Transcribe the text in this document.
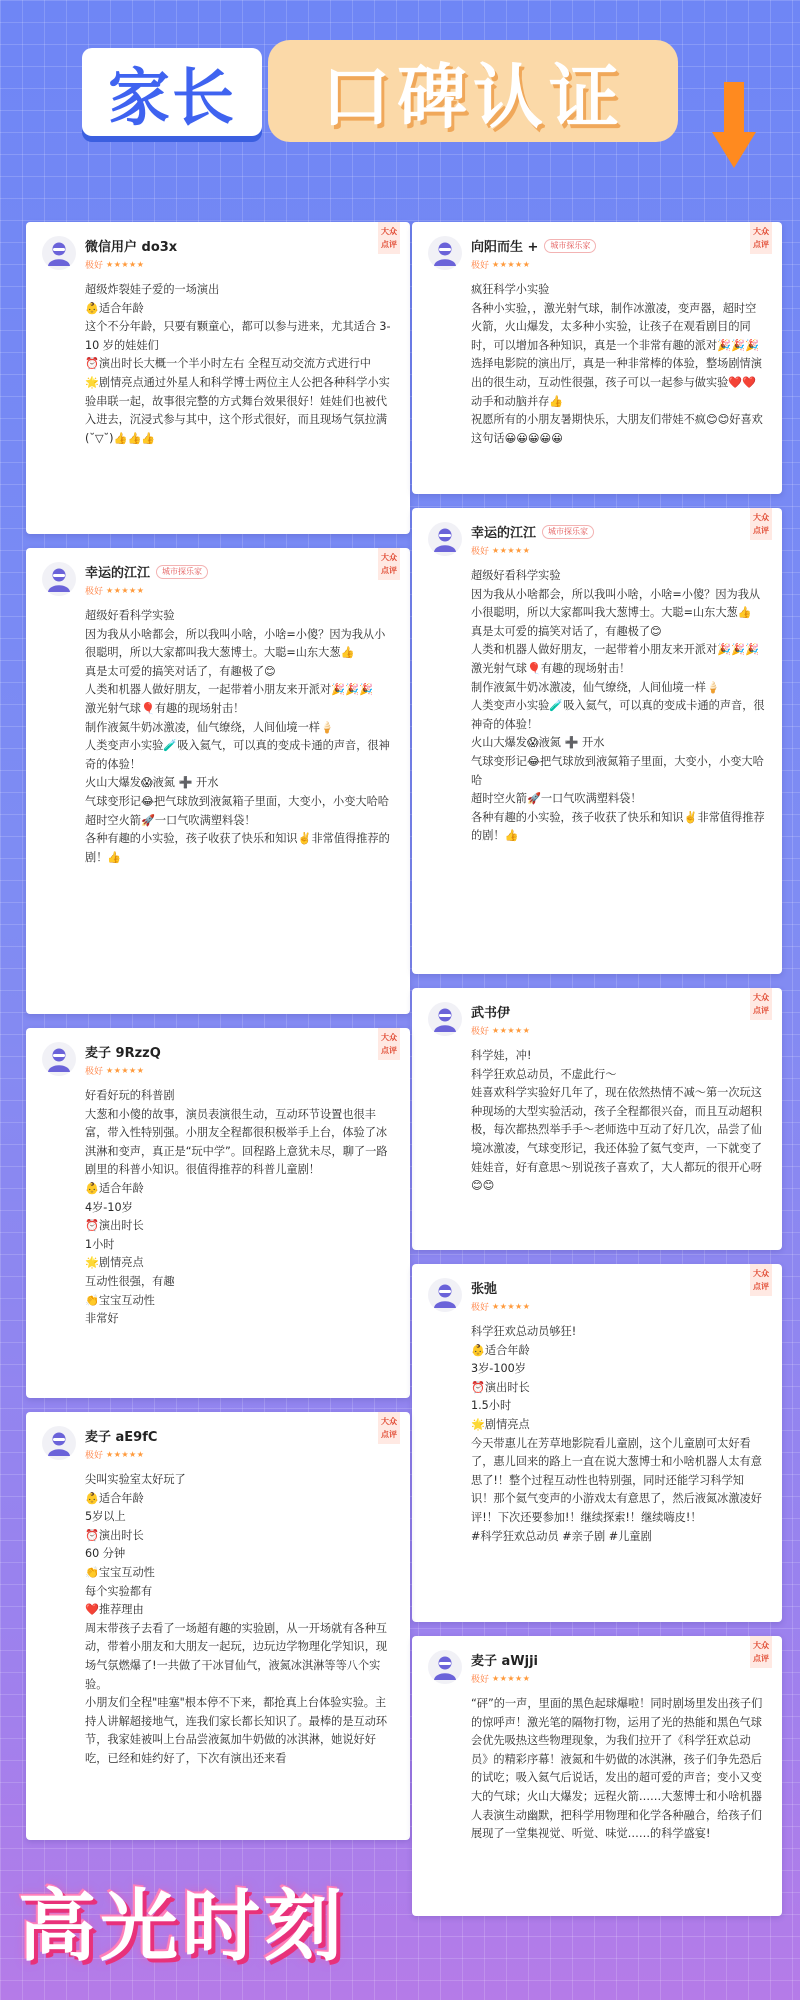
家长	口碑认证
大众
点评
微信用户 do3x
极好 ★★★★★
超级炸裂娃子爱的一场演出
👶适合年龄
这个不分年龄，只要有颗童心，都可以参与进来，尤其适合 3-10 岁的娃娃们
⏰演出时长大概一个半小时左右 全程互动交流方式进行中
🌟剧情亮点通过外星人和科学博士两位主人公把各种科学小实验串联一起，故事很完整的方式舞台效果很好！娃娃们也被代入进去，沉浸式参与其中，这个形式很好，而且现场气氛拉满 (˘▽˘)👍👍👍
大众
点评
向阳而生 +	城市探乐家
极好 ★★★★★
疯狂科学小实验
各种小实验，，激光射气球，制作冰激凌，变声器，超时空火箭，火山爆发，太多种小实验，让孩子在观看剧目的同时，可以增加各种知识，真是一个非常有趣的派对🎉🎉🎉
选择电影院的演出厅，真是一种非常棒的体验，整场剧情演出的很生动，互动性很强，孩子可以一起参与做实验❤️❤️动手和动脑并存👍
祝愿所有的小朋友暑期快乐，大朋友们带娃不疯😊😊好喜欢这句话😀😀😀😀😀
大众
点评
幸运的江江	城市探乐家
极好 ★★★★★
超级好看科学实验
因为我从小啥都会，所以我叫小啥，小啥=小傻？因为我从小很聪明，所以大家都叫我大葱博士。大聪=山东大葱👍
真是太可爱的搞笑对话了，有趣极了😊
人类和机器人做好朋友，一起带着小朋友来开派对🎉🎉🎉
激光射气球🎈有趣的现场射击！
制作液氮牛奶冰激凌，仙气缭绕，人间仙境一样🍦
人类变声小实验🧪吸入氦气，可以真的变成卡通的声音，很神奇的体验！
火山大爆发😱液氮 ➕ 开水
气球变形记😂把气球放到液氮箱子里面，大变小，小变大哈哈
超时空火箭🚀一口气吹满塑料袋！
各种有趣的小实验，孩子收获了快乐和知识✌️非常值得推荐的剧！👍
大众
点评
幸运的江江	城市探乐家
极好 ★★★★★
超级好看科学实验
因为我从小啥都会，所以我叫小啥，小啥=小傻？因为我从小很聪明，所以大家都叫我大葱博士。大聪=山东大葱👍
真是太可爱的搞笑对话了，有趣极了😊
人类和机器人做好朋友，一起带着小朋友来开派对🎉🎉🎉
激光射气球🎈有趣的现场射击！
制作液氮牛奶冰激凌，仙气缭绕，人间仙境一样🍦
人类变声小实验🧪吸入氦气，可以真的变成卡通的声音，很神奇的体验！
火山大爆发😱液氮 ➕ 开水
气球变形记😂把气球放到液氮箱子里面，大变小，小变大哈哈
超时空火箭🚀一口气吹满塑料袋！
各种有趣的小实验，孩子收获了快乐和知识✌️非常值得推荐的剧！👍
大众
点评
武书伊
极好 ★★★★★
科学娃，冲!
科学狂欢总动员，不虚此行～
娃喜欢科学实验好几年了，现在依然热情不减～第一次玩这种现场的大型实验活动，孩子全程都很兴奋，而且互动超积极，每次都热烈举手手～老师选中互动了好几次，品尝了仙境冰激凌，气球变形记，我还体验了氦气变声，一下就变了娃娃音，好有意思～别说孩子喜欢了，大人都玩的很开心呀😊😊
大众
点评
麦子 9RzzQ
极好 ★★★★★
好看好玩的科普剧
大葱和小傻的故事，演员表演很生动，互动环节设置也很丰富，带入性特别强。小朋友全程都很积极举手上台，体验了冰淇淋和变声，真正是“玩中学”。回程路上意犹未尽，聊了一路剧里的科普小知识。很值得推荐的科普儿童剧！
👶适合年龄
4岁-10岁
⏰演出时长
1小时
🌟剧情亮点
互动性很强，有趣
👏宝宝互动性
非常好
大众
点评
张弛
极好 ★★★★★
科学狂欢总动员够狂!
👶适合年龄
3岁-100岁
⏰演出时长
1.5小时
🌟剧情亮点
今天带惠儿在芳草地影院看儿童剧，这个儿童剧可太好看了，惠儿回来的路上一直在说大葱博士和小啥机器人太有意思了!！整个过程互动性也特别强，同时还能学习科学知识！那个氦气变声的小游戏太有意思了，然后液氮冰激凌好评!！下次还要参加!！继续探索!！继续嗨皮!！
#科学狂欢总动员 #亲子剧 #儿童剧
大众
点评
麦子 aE9fC
极好 ★★★★★
尖叫实验室太好玩了
👶适合年龄
5岁以上
⏰演出时长
60 分钟
👏宝宝互动性
每个实验都有
❤️推荐理由
周末带孩子去看了一场超有趣的实验剧，从一开场就有各种互动，带着小朋友和大朋友一起玩，边玩边学物理化学知识，现场气氛燃爆了!一共做了干冰冒仙气，液氮冰淇淋等等八个实验。
小朋友们全程"哇塞"根本停不下来，都抢真上台体验实验。主持人讲解超接地气，连我们家长都长知识了。最棒的是互动环节，我家娃被叫上台品尝液氮加牛奶做的冰淇淋，她说好好吃，已经和娃约好了，下次有演出还来看
大众
点评
麦子 aWjji
极好 ★★★★★
“砰”的一声，里面的黑色起球爆啦！同时剧场里发出孩子们的惊呼声！激光笔的隔物打物，运用了光的热能和黑色气球会优先吸热这些物理现象，为我们拉开了《科学狂欢总动员》的精彩序幕！液氮和牛奶做的冰淇淋，孩子们争先恐后的试吃；吸入氦气后说话，发出的超可爱的声音；变小又变大的气球；火山大爆发；远程火箭……大葱博士和小啥机器人表演生动幽默，把科学用物理和化学各种融合，给孩子们展现了一堂集视觉、听觉、味觉……的科学盛宴!
高光时刻
